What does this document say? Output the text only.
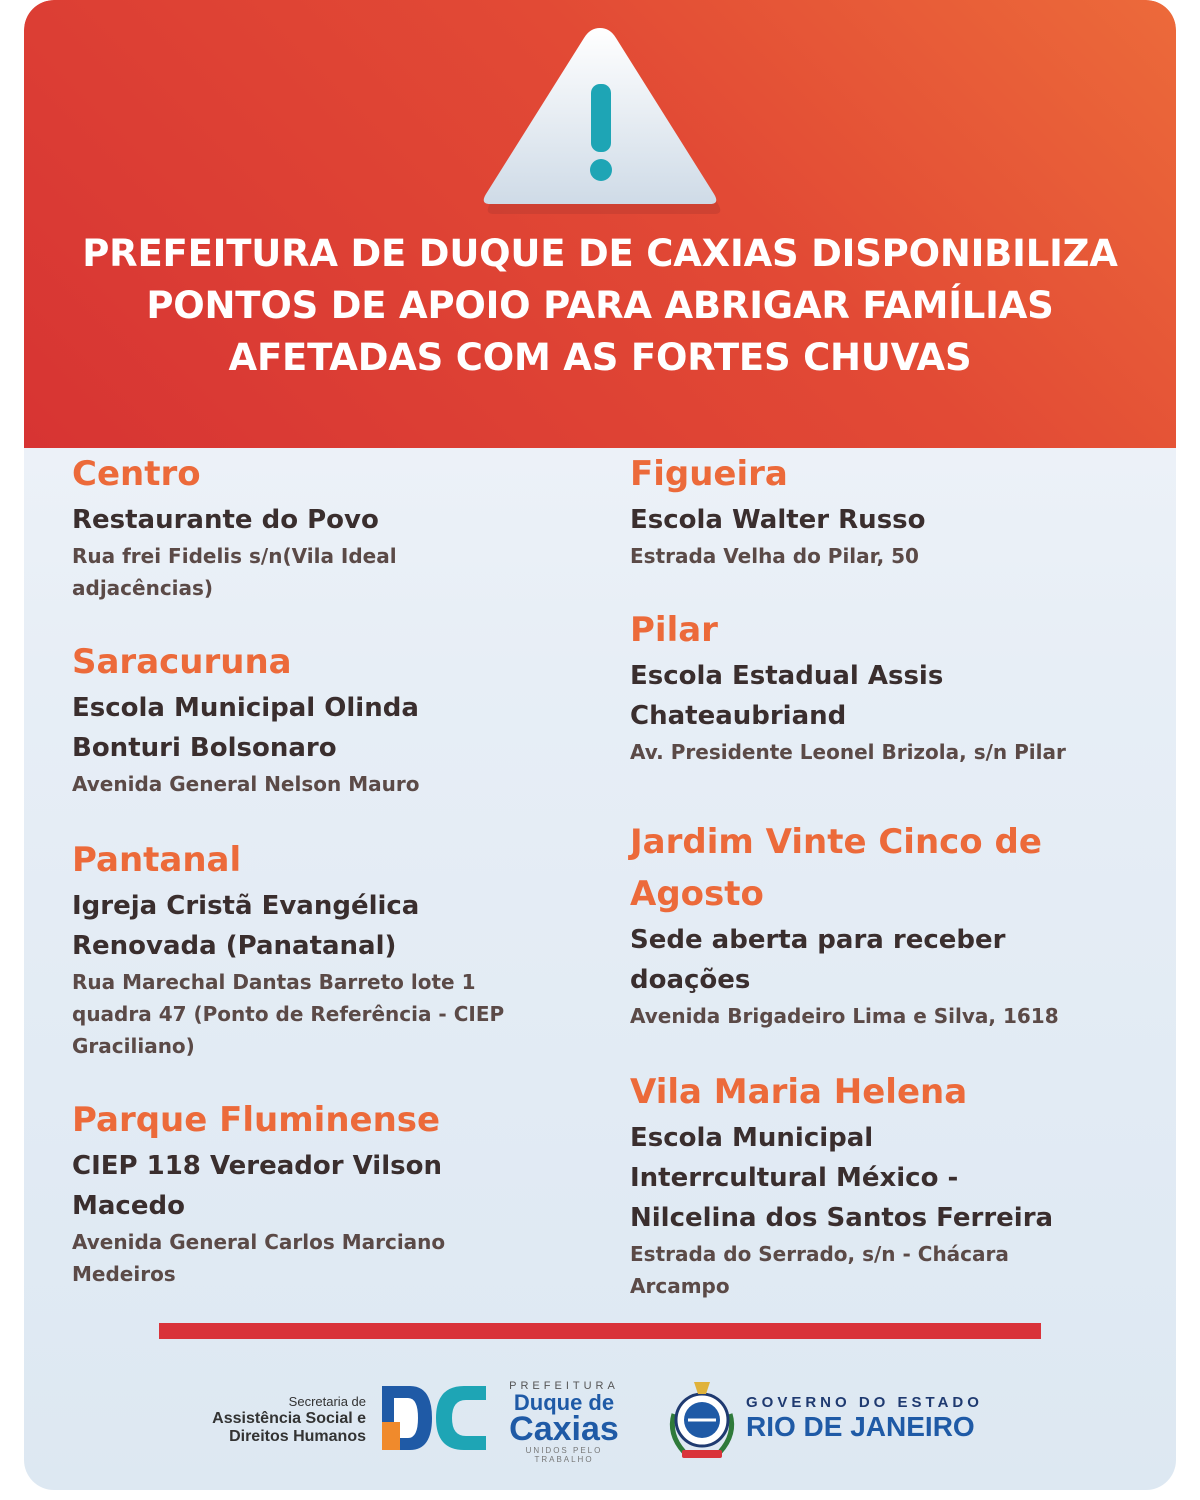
PREFEITURA DE DUQUE DE CAXIAS DISPONIBILIZA
PONTOS DE APOIO PARA ABRIGAR FAMÍLIAS
AFETADAS COM AS FORTES CHUVAS
Centro
Restaurante do Povo
Rua frei Fidelis s/n(Vila Ideal
adjacências)
Saracuruna
Escola Municipal Olinda
Bonturi Bolsonaro
Avenida General Nelson Mauro
Pantanal
Igreja Cristã Evangélica
Renovada (Panatanal)
Rua Marechal Dantas Barreto lote 1
quadra 47 (Ponto de Referência - CIEP
Graciliano)
Parque Fluminense
CIEP 118 Vereador Vilson
Macedo
Avenida General Carlos Marciano
Medeiros
Figueira
Escola Walter Russo
Estrada Velha do Pilar, 50
Pilar
Escola Estadual Assis
Chateaubriand
Av. Presidente Leonel Brizola, s/n Pilar
Jardim Vinte Cinco de
Agosto
Sede aberta para receber
doações
Avenida Brigadeiro Lima e Silva, 1618
Vila Maria Helena
Escola Municipal
Interrcultural México -
Nilcelina dos Santos Ferreira
Estrada do Serrado, s/n - Chácara
Arcampo
Secretaria de
Assistência Social e
Direitos Humanos
PREFEITURA
Duque de
Caxias
UNIDOS PELO TRABALHO
GOVERNO DO ESTADO
RIO DE JANEIRO
